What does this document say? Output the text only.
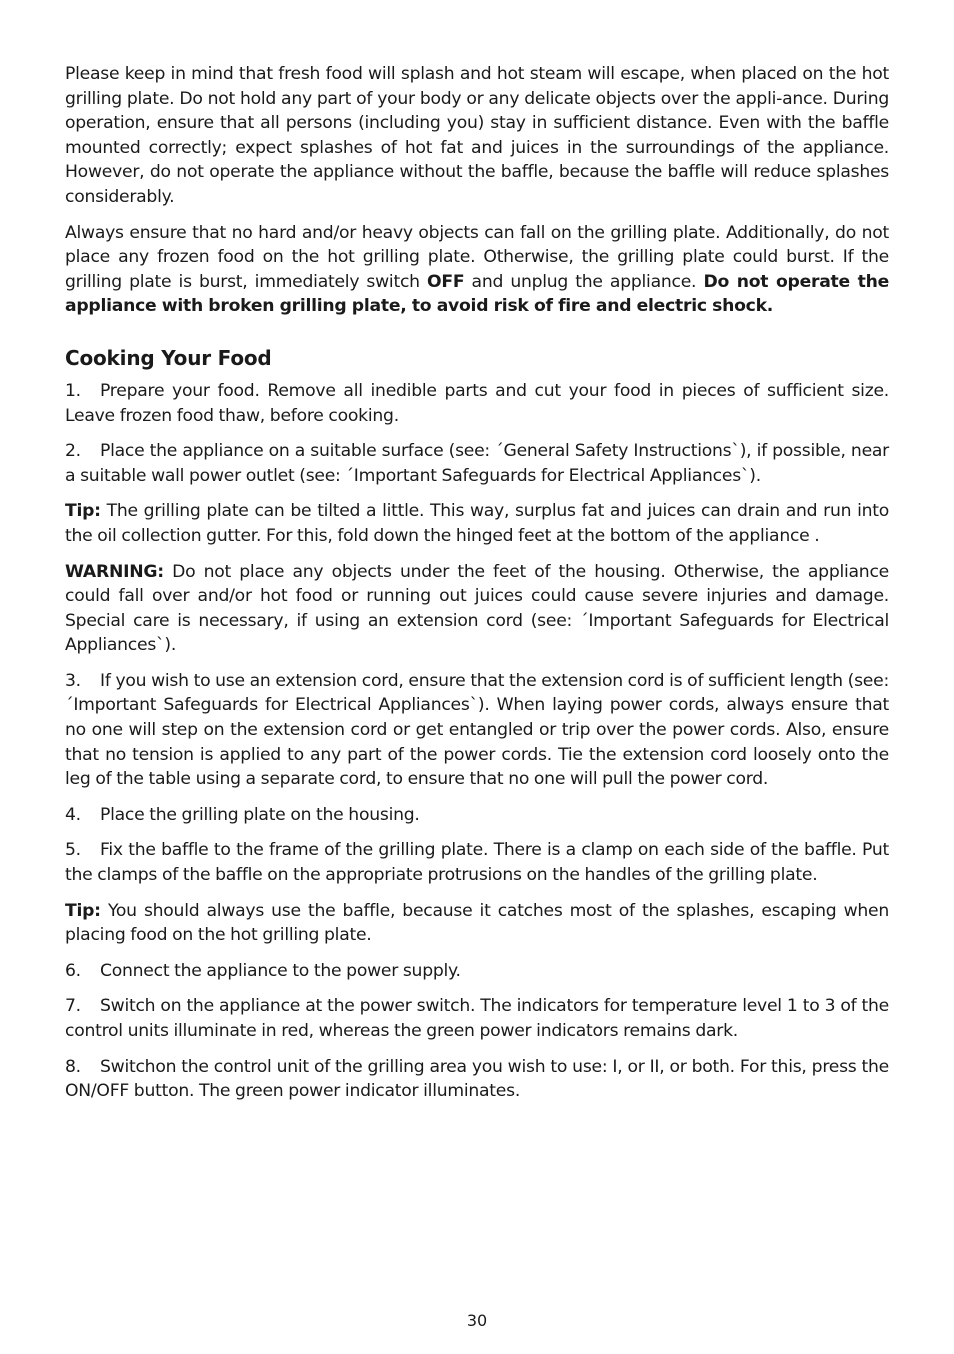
Please keep in mind that fresh food will splash and hot steam will escape, when placed on the hot grilling plate. Do not hold any part of your body or any delicate objects over the appli-ance. During operation, ensure that all persons (including you) stay in sufficient distance. Even with the baffle mounted correctly; expect splashes of hot fat and juices in the surroundings of the appliance. However, do not operate the appliance without the baffle, because the baffle will reduce splashes considerably.

Always ensure that no hard and/or heavy objects can fall on the grilling plate. Additionally, do not place any frozen food on the hot grilling plate. Otherwise, the grilling plate could burst. If the grilling plate is burst, immediately switch OFF and unplug the appliance. Do not operate the appliance with broken grilling plate, to avoid risk of fire and electric shock.

Cooking Your Food

1. Prepare your food. Remove all inedible parts and cut your food in pieces of sufficient size. Leave frozen food thaw, before cooking.

2. Place the appliance on a suitable surface (see: ´General Safety Instructions`), if possible, near a suitable wall power outlet (see: ´Important Safeguards for Electrical Appliances`).

Tip: The grilling plate can be tilted a little. This way, surplus fat and juices can drain and run into the oil collection gutter. For this, fold down the hinged feet at the bottom of the appliance .

WARNING: Do not place any objects under the feet of the housing. Otherwise, the appliance could fall over and/or hot food or running out juices could cause severe injuries and damage. Special care is necessary, if using an extension cord (see: ´Important Safeguards for Electrical Appliances`).

3. If you wish to use an extension cord, ensure that the extension cord is of sufficient length (see: ´Important Safeguards for Electrical Appliances`). When laying power cords, always ensure that no one will step on the extension cord or get entangled or trip over the power cords. Also, ensure that no tension is applied to any part of the power cords. Tie the extension cord loosely onto the leg of the table using a separate cord, to ensure that no one will pull the power cord.

4. Place the grilling plate on the housing.

5. Fix the baffle to the frame of the grilling plate. There is a clamp on each side of the baffle. Put the clamps of the baffle on the appropriate protrusions on the handles of the grilling plate.

Tip: You should always use the baffle, because it catches most of the splashes, escaping when placing food on the hot grilling plate.

6. Connect the appliance to the power supply.

7. Switch on the appliance at the power switch. The indicators for temperature level 1 to 3 of the control units illuminate in red, whereas the green power indicators remains dark.

8. Switchon the control unit of the grilling area you wish to use: I, or II, or both. For this, press the ON/OFF button. The green power indicator illuminates.

30
